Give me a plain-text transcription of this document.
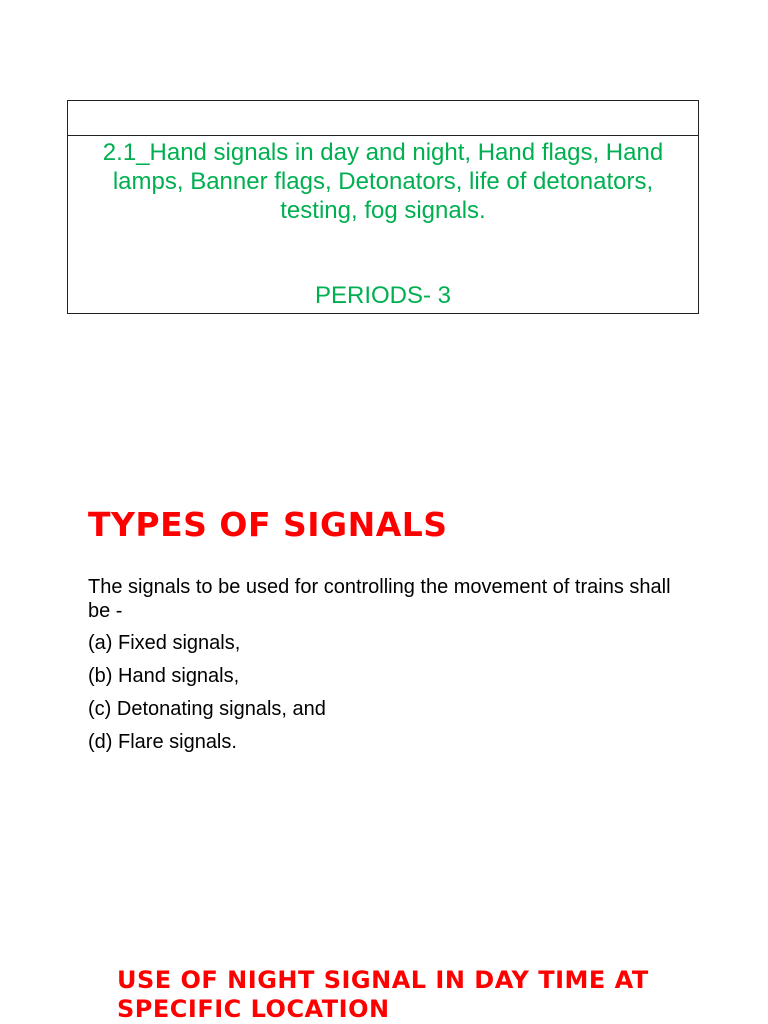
2.1_Hand signals in day and night, Hand flags, Hand lamps, Banner flags, Detonators, life of detonators, testing, fog signals.

PERIODS- 3
TYPES OF SIGNALS

The signals to be used for controlling the movement of trains shall be -

(a) Fixed signals,
(b) Hand signals,
(c) Detonating signals, and
(d) Flare signals.
USE OF NIGHT SIGNAL IN DAY TIME AT SPECIFIC LOCATION
